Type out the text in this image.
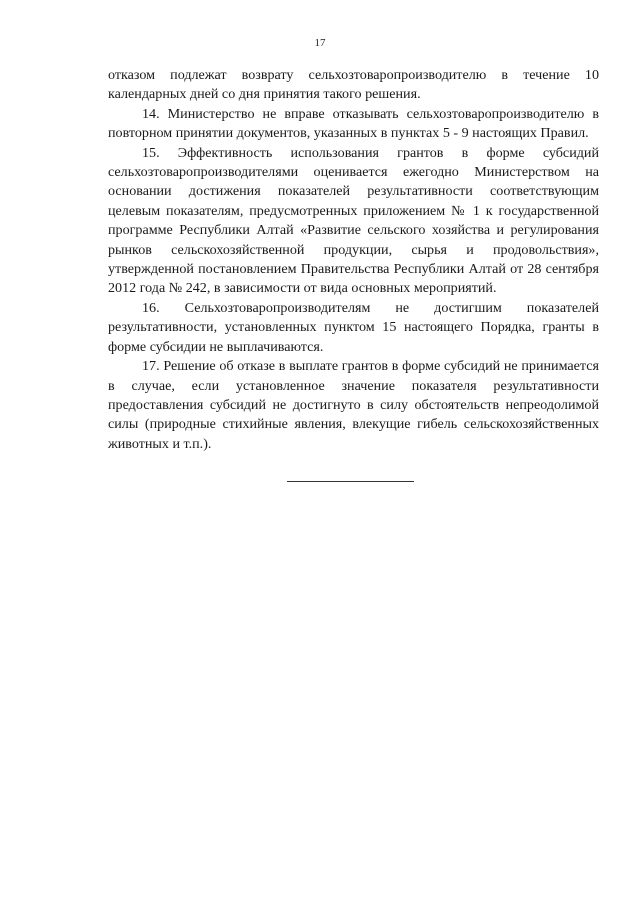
17

отказом подлежат возврату сельхозтоваропроизводителю в течение 10 календарных дней со дня принятия такого решения.

14. Министерство не вправе отказывать сельхозтоваропроизводителю в повторном принятии документов, указанных в пунктах 5 - 9 настоящих Правил.

15. Эффективность использования грантов в форме субсидий сельхозтоваропроизводителями оценивается ежегодно Министерством на основании достижения показателей результативности соответствующим целевым показателям, предусмотренных приложением № 1 к государственной программе Республики Алтай «Развитие сельского хозяйства и регулирования рынков сельскохозяйственной продукции, сырья и продовольствия», утвержденной постановлением Правительства Республики Алтай от 28 сентября 2012 года № 242, в зависимости от вида основных мероприятий.

16. Сельхозтоваропроизводителям не достигшим показателей результативности, установленных пунктом 15 настоящего Порядка, гранты в форме субсидии не выплачиваются.

17. Решение об отказе в выплате грантов в форме субсидий не принимается в случае, если установленное значение показателя результативности предоставления субсидий не достигнуто в силу обстоятельств непреодолимой силы (природные стихийные явления, влекущие гибель сельскохозяйственных животных и т.п.).
